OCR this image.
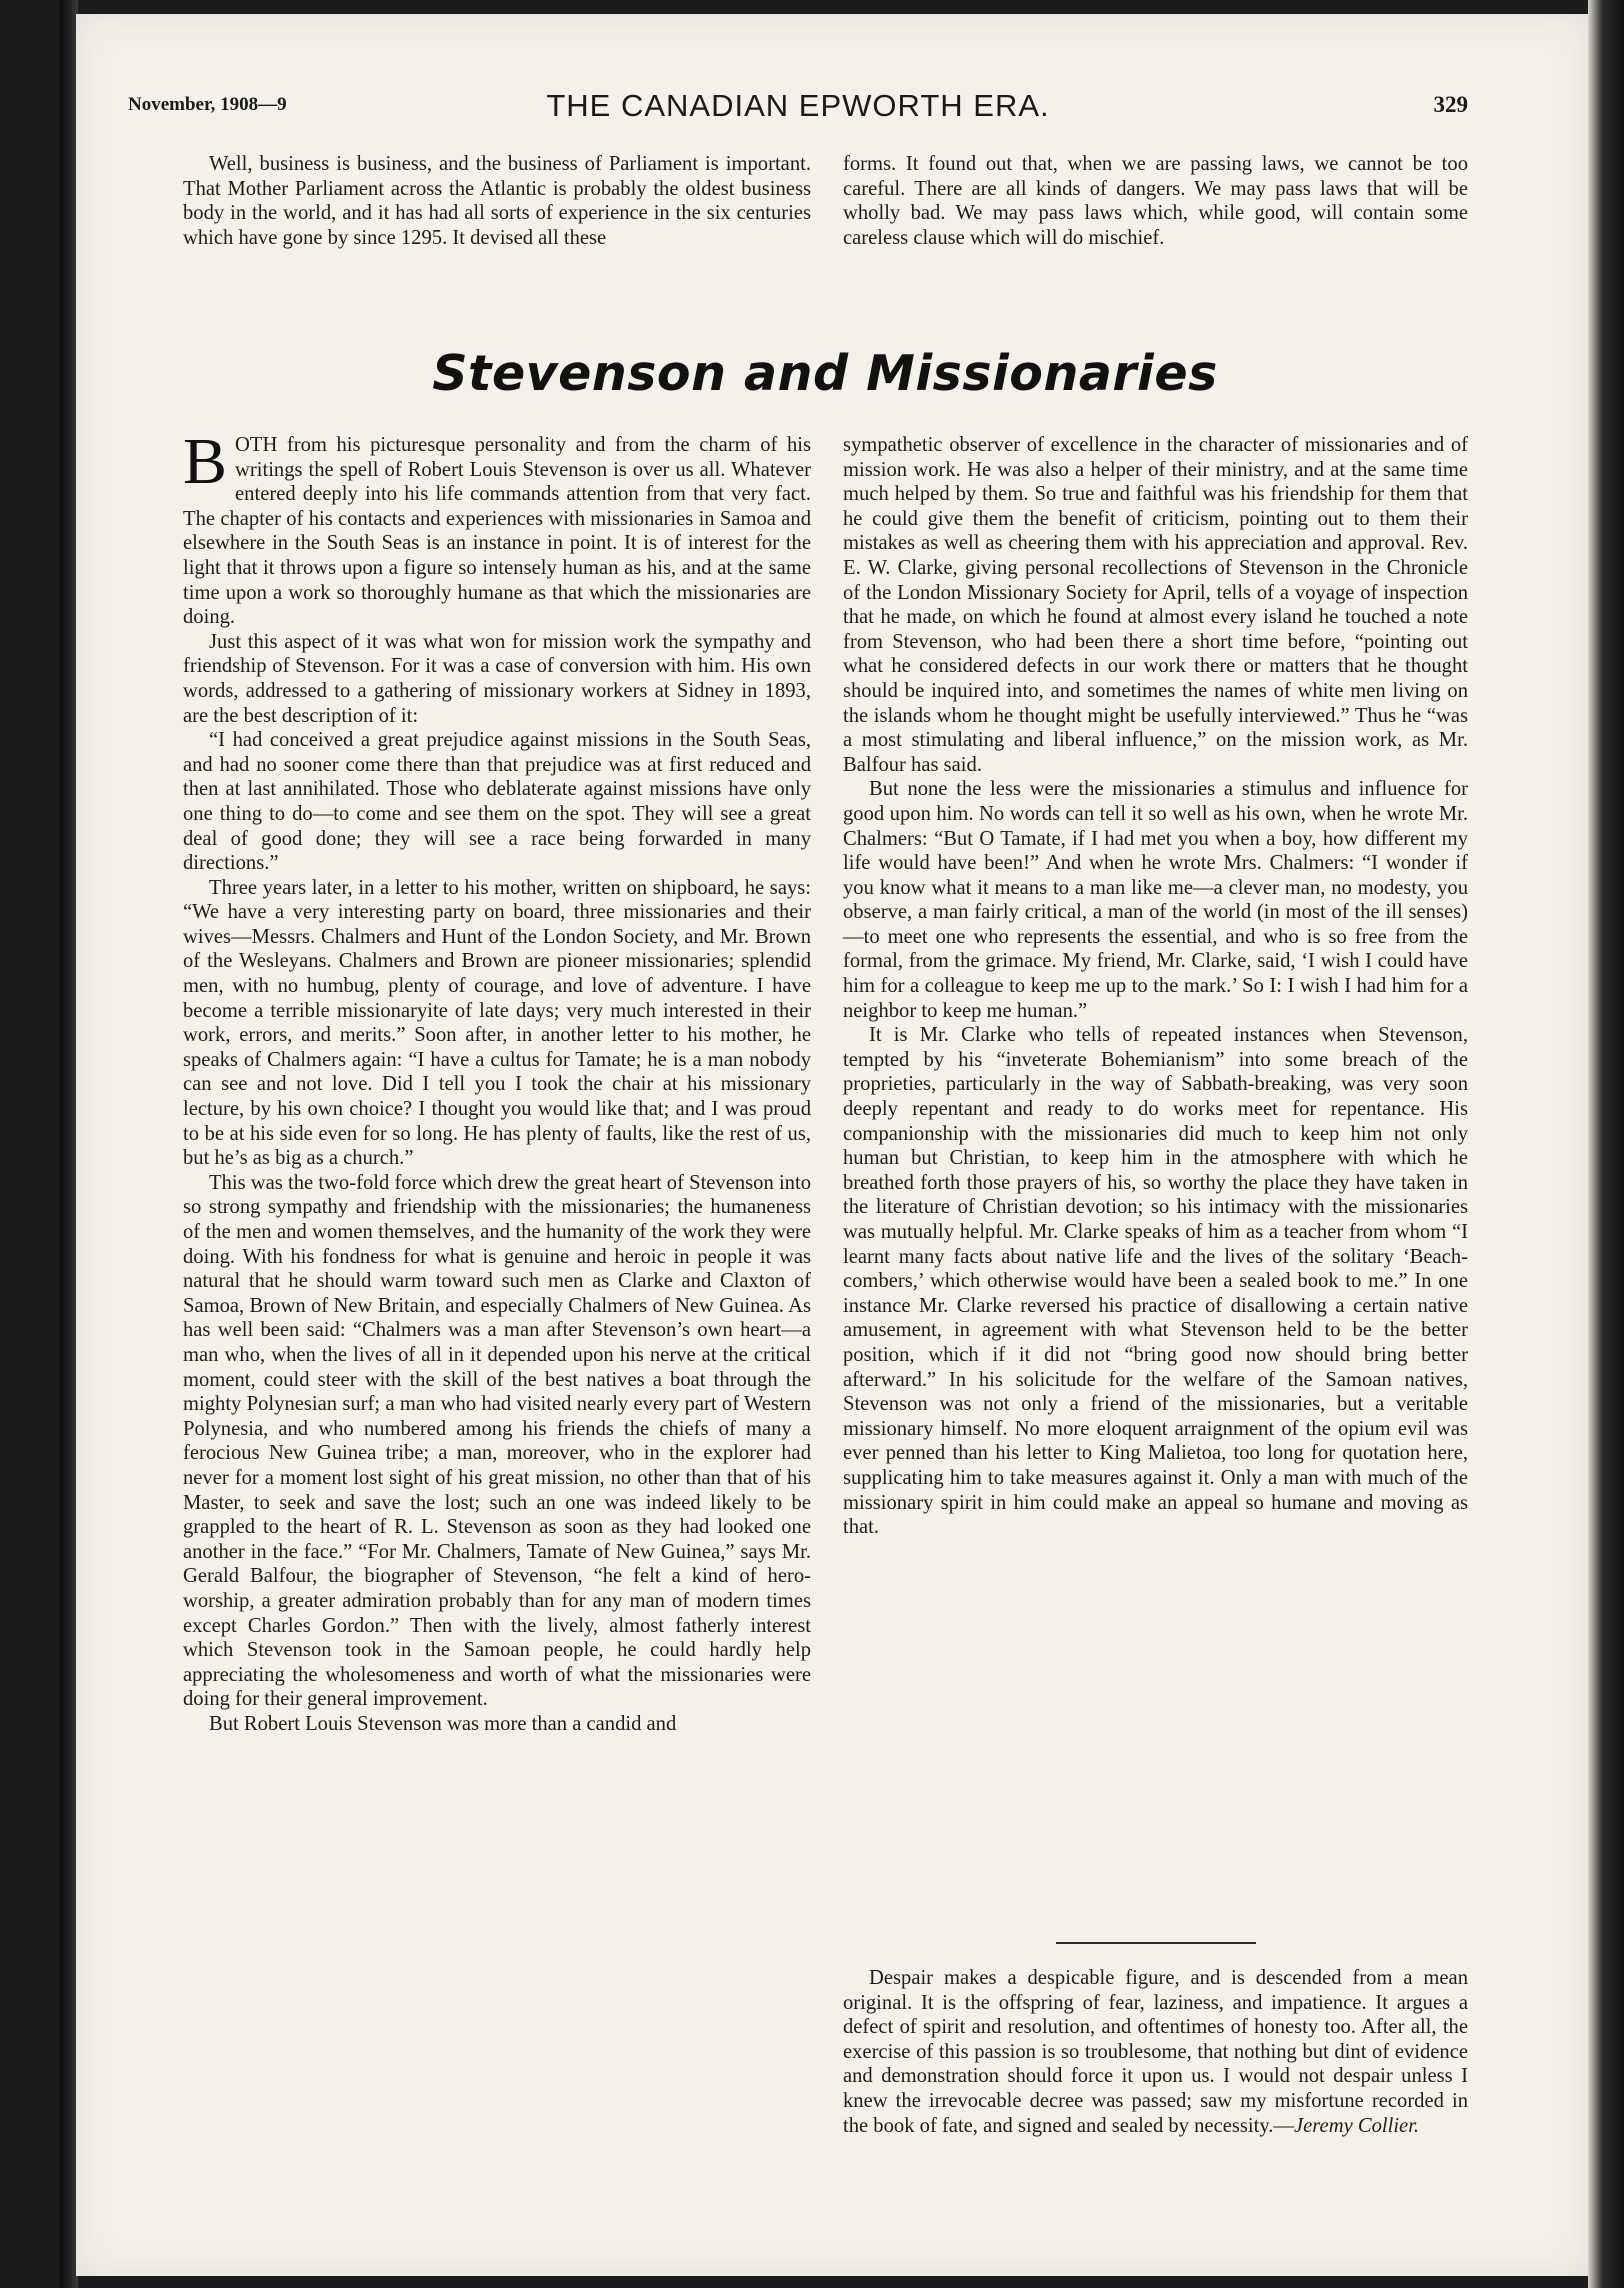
November, 1908—9	THE CANADIAN EPWORTH ERA.	329

Well, business is business, and the business of Parliament is important. That Mother Parliament across the Atlantic is probably the oldest business body in the world, and it has had all sorts of experience in the six centuries which have gone by since 1295. It devised all these

forms. It found out that, when we are passing laws, we cannot be too careful. There are all kinds of dangers. We may pass laws that will be wholly bad. We may pass laws which, while good, will contain some careless clause which will do mischief.

Stevenson and Missionaries

BOTH from his picturesque personality and from the charm of his writings the spell of Robert Louis Stevenson is over us all. Whatever entered deeply into his life commands attention from that very fact. The chapter of his contacts and experiences with missionaries in Samoa and elsewhere in the South Seas is an instance in point. It is of interest for the light that it throws upon a figure so intensely human as his, and at the same time upon a work so thoroughly humane as that which the missionaries are doing.

Just this aspect of it was what won for mission work the sympathy and friendship of Stevenson. For it was a case of conversion with him. His own words, addressed to a gathering of missionary workers at Sidney in 1893, are the best description of it:

“I had conceived a great prejudice against missions in the South Seas, and had no sooner come there than that prejudice was at first reduced and then at last annihilated. Those who deblaterate against missions have only one thing to do—to come and see them on the spot. They will see a great deal of good done; they will see a race being forwarded in many directions.”

Three years later, in a letter to his mother, written on shipboard, he says: “We have a very interesting party on board, three missionaries and their wives—Messrs. Chalmers and Hunt of the London Society, and Mr. Brown of the Wesleyans. Chalmers and Brown are pioneer missionaries; splendid men, with no humbug, plenty of courage, and love of adventure. I have become a terrible missionaryite of late days; very much interested in their work, errors, and merits.” Soon after, in another letter to his mother, he speaks of Chalmers again: “I have a cultus for Tamate; he is a man nobody can see and not love. Did I tell you I took the chair at his missionary lecture, by his own choice? I thought you would like that; and I was proud to be at his side even for so long. He has plenty of faults, like the rest of us, but he’s as big as a church.”

This was the two-fold force which drew the great heart of Stevenson into so strong sympathy and friendship with the missionaries; the humaneness of the men and women themselves, and the humanity of the work they were doing. With his fondness for what is genuine and heroic in people it was natural that he should warm toward such men as Clarke and Claxton of Samoa, Brown of New Britain, and especially Chalmers of New Guinea. As has well been said: “Chalmers was a man after Stevenson’s own heart—a man who, when the lives of all in it depended upon his nerve at the critical moment, could steer with the skill of the best natives a boat through the mighty Polynesian surf; a man who had visited nearly every part of Western Polynesia, and who numbered among his friends the chiefs of many a ferocious New Guinea tribe; a man, moreover, who in the explorer had never for a moment lost sight of his great mission, no other than that of his Master, to seek and save the lost; such an one was indeed likely to be grappled to the heart of R. L. Stevenson as soon as they had looked one another in the face.” “For Mr. Chalmers, Tamate of New Guinea,” says Mr. Gerald Balfour, the biographer of Stevenson, “he felt a kind of hero-worship, a greater admiration probably than for any man of modern times except Charles Gordon.” Then with the lively, almost fatherly interest which Stevenson took in the Samoan people, he could hardly help appreciating the wholesomeness and worth of what the missionaries were doing for their general improvement.

But Robert Louis Stevenson was more than a candid and

sympathetic observer of excellence in the character of missionaries and of mission work. He was also a helper of their ministry, and at the same time much helped by them. So true and faithful was his friendship for them that he could give them the benefit of criticism, pointing out to them their mistakes as well as cheering them with his appreciation and approval. Rev. E. W. Clarke, giving personal recollections of Stevenson in the Chronicle of the London Missionary Society for April, tells of a voyage of inspection that he made, on which he found at almost every island he touched a note from Stevenson, who had been there a short time before, “pointing out what he considered defects in our work there or matters that he thought should be inquired into, and sometimes the names of white men living on the islands whom he thought might be usefully interviewed.” Thus he “was a most stimulating and liberal influence,” on the mission work, as Mr. Balfour has said.

But none the less were the missionaries a stimulus and influence for good upon him. No words can tell it so well as his own, when he wrote Mr. Chalmers: “But O Tamate, if I had met you when a boy, how different my life would have been!” And when he wrote Mrs. Chalmers: “I wonder if you know what it means to a man like me—a clever man, no modesty, you observe, a man fairly critical, a man of the world (in most of the ill senses)—to meet one who represents the essential, and who is so free from the formal, from the grimace. My friend, Mr. Clarke, said, ‘I wish I could have him for a colleague to keep me up to the mark.’ So I: I wish I had him for a neighbor to keep me human.”

It is Mr. Clarke who tells of repeated instances when Stevenson, tempted by his “inveterate Bohemianism” into some breach of the proprieties, particularly in the way of Sabbath-breaking, was very soon deeply repentant and ready to do works meet for repentance. His companionship with the missionaries did much to keep him not only human but Christian, to keep him in the atmosphere with which he breathed forth those prayers of his, so worthy the place they have taken in the literature of Christian devotion; so his intimacy with the missionaries was mutually helpful. Mr. Clarke speaks of him as a teacher from whom “I learnt many facts about native life and the lives of the solitary ‘Beach-combers,’ which otherwise would have been a sealed book to me.” In one instance Mr. Clarke reversed his practice of disallowing a certain native amusement, in agreement with what Stevenson held to be the better position, which if it did not “bring good now should bring better afterward.” In his solicitude for the welfare of the Samoan natives, Stevenson was not only a friend of the missionaries, but a veritable missionary himself. No more eloquent arraignment of the opium evil was ever penned than his letter to King Malietoa, too long for quotation here, supplicating him to take measures against it. Only a man with much of the missionary spirit in him could make an appeal so humane and moving as that.

Despair makes a despicable figure, and is descended from a mean original. It is the offspring of fear, laziness, and impatience. It argues a defect of spirit and resolution, and oftentimes of honesty too. After all, the exercise of this passion is so troublesome, that nothing but dint of evidence and demonstration should force it upon us. I would not despair unless I knew the irrevocable decree was passed; saw my misfortune recorded in the book of fate, and signed and sealed by necessity.—Jeremy Collier.
